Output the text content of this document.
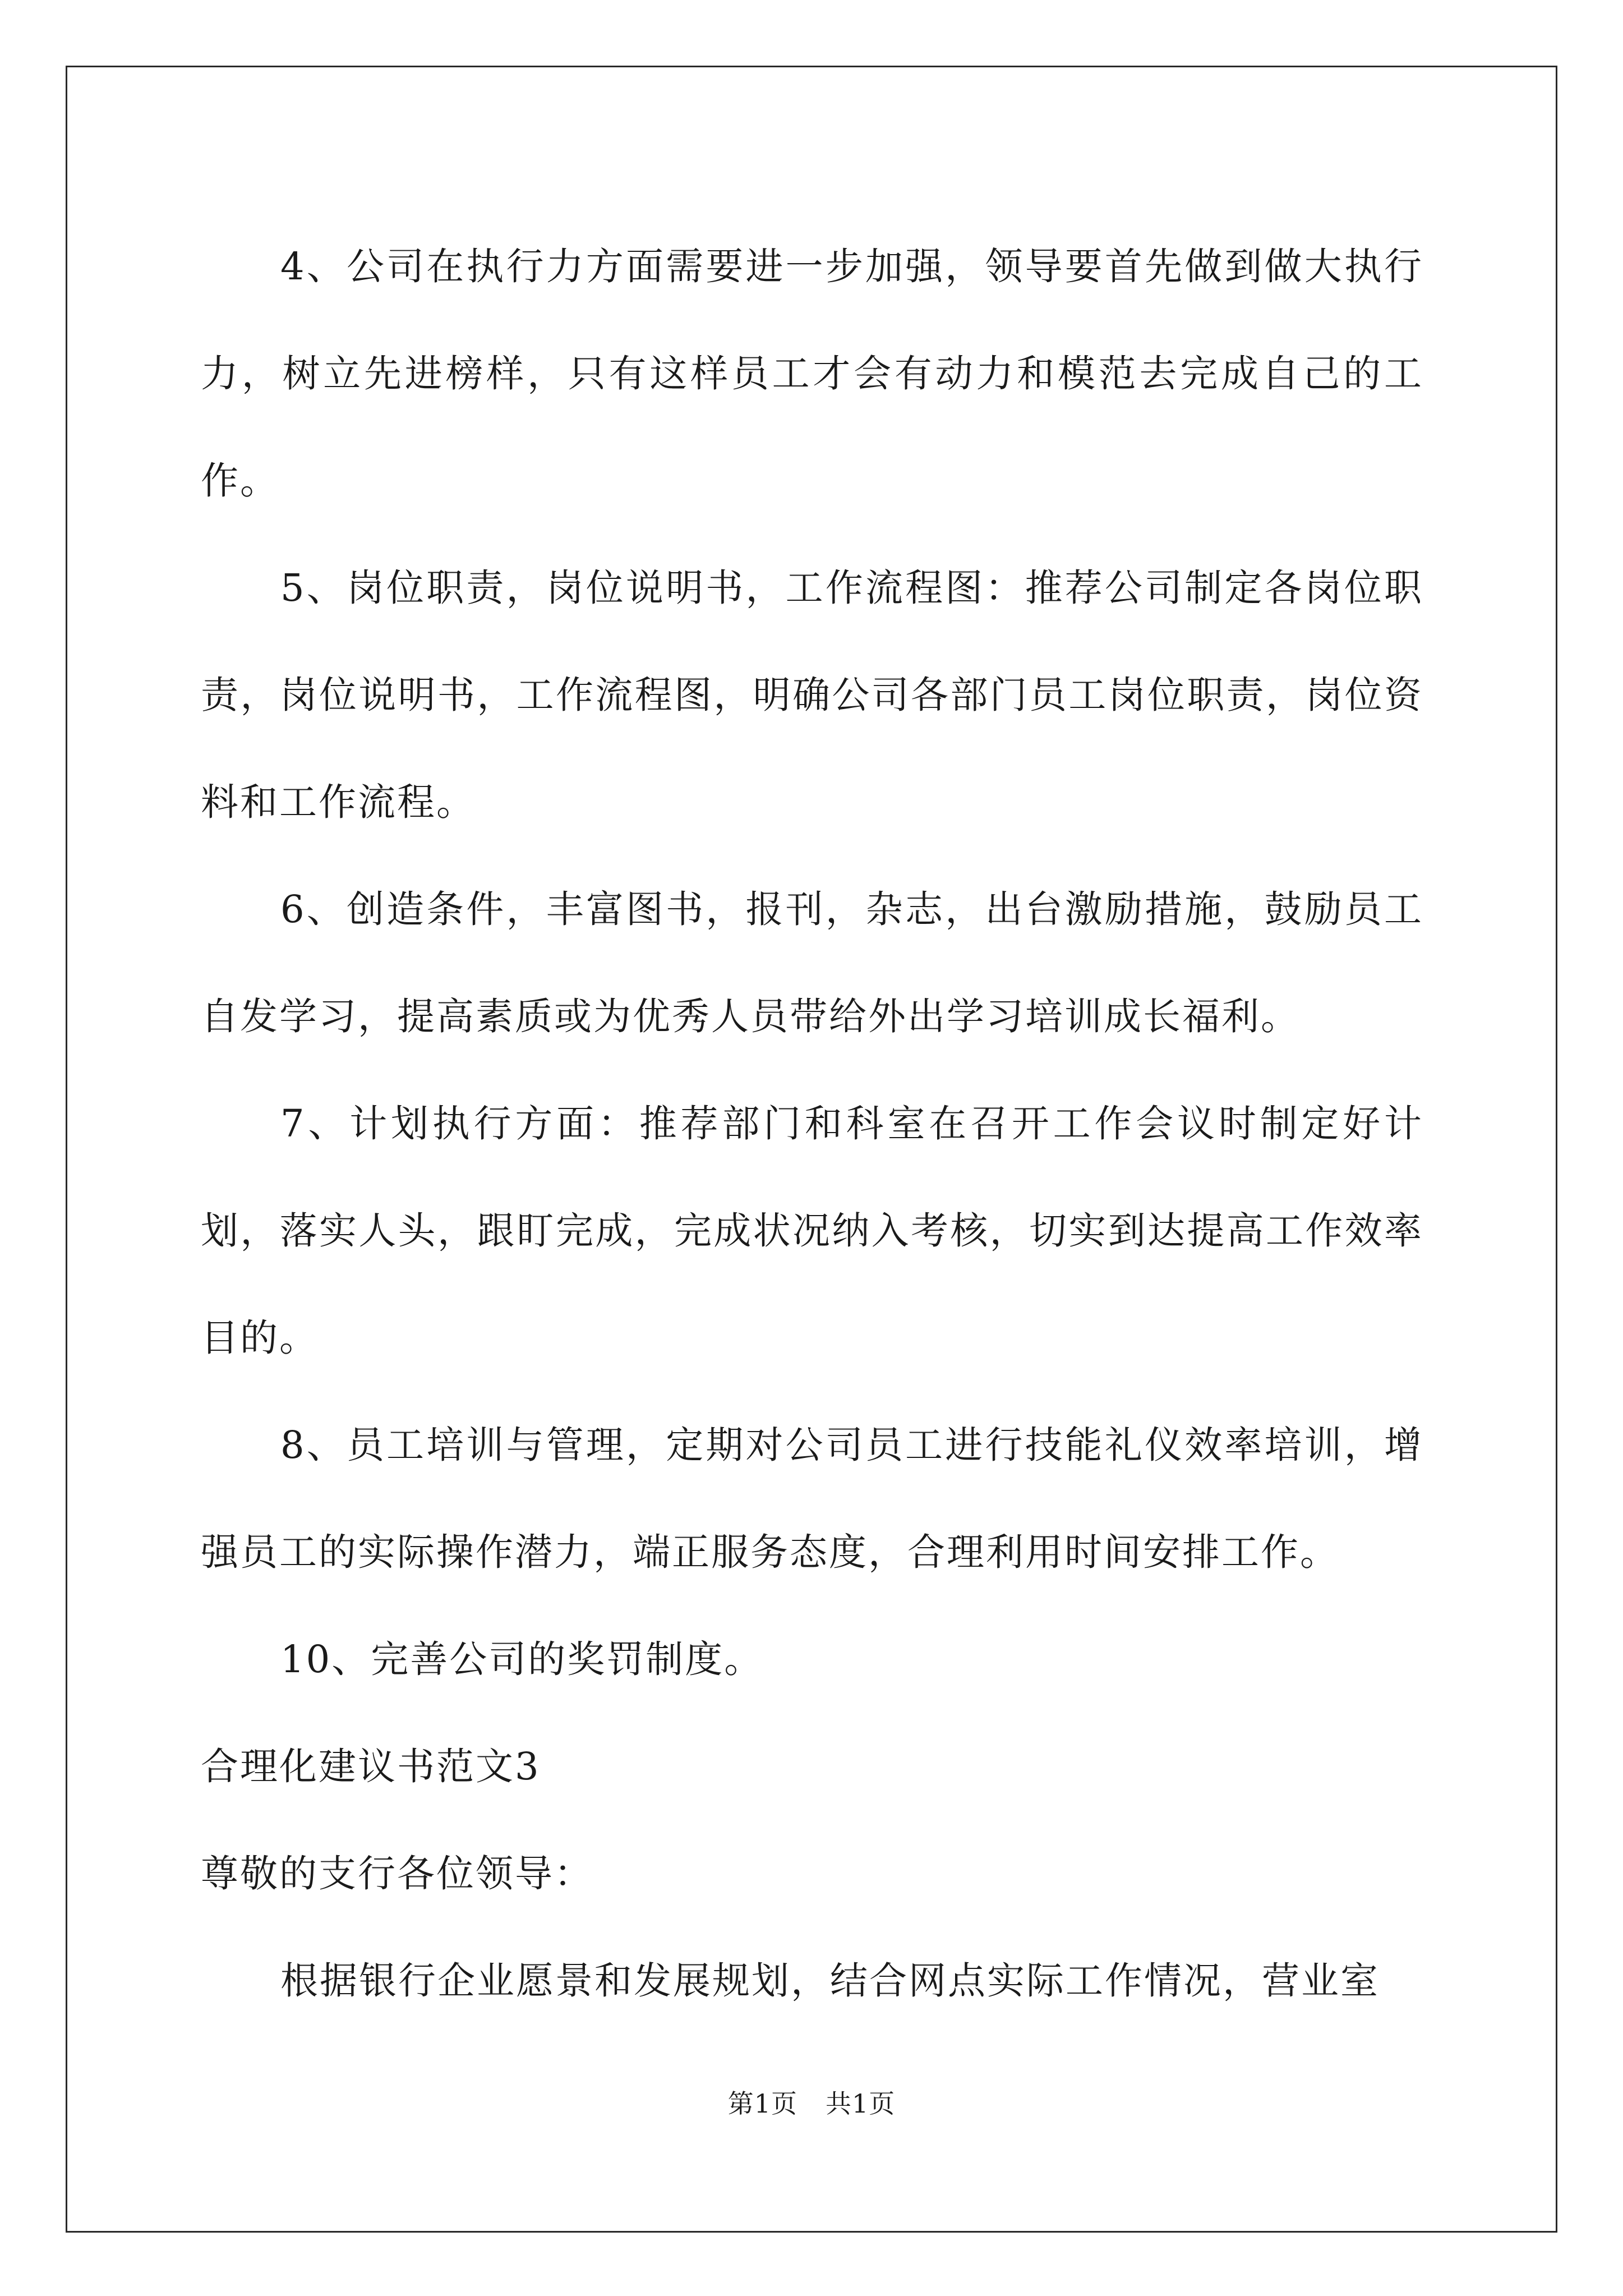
4、公司在执行力方面需要进一步加强，领导要首先做到做大执行力，树立先进榜样，只有这样员工才会有动力和模范去完成自己的工作。

5、岗位职责，岗位说明书，工作流程图：推荐公司制定各岗位职责，岗位说明书，工作流程图，明确公司各部门员工岗位职责，岗位资料和工作流程。

6、创造条件，丰富图书，报刊，杂志，出台激励措施，鼓励员工自发学习，提高素质或为优秀人员带给外出学习培训成长福利。

7、计划执行方面：推荐部门和科室在召开工作会议时制定好计划，落实人头，跟盯完成，完成状况纳入考核，切实到达提高工作效率目的。

8、员工培训与管理，定期对公司员工进行技能礼仪效率培训，增强员工的实际操作潜力，端正服务态度，合理利用时间安排工作。

10、完善公司的奖罚制度。

合理化建议书范文3

尊敬的支行各位领导：

根据银行企业愿景和发展规划，结合网点实际工作情况，营业室

第1页 共1页
